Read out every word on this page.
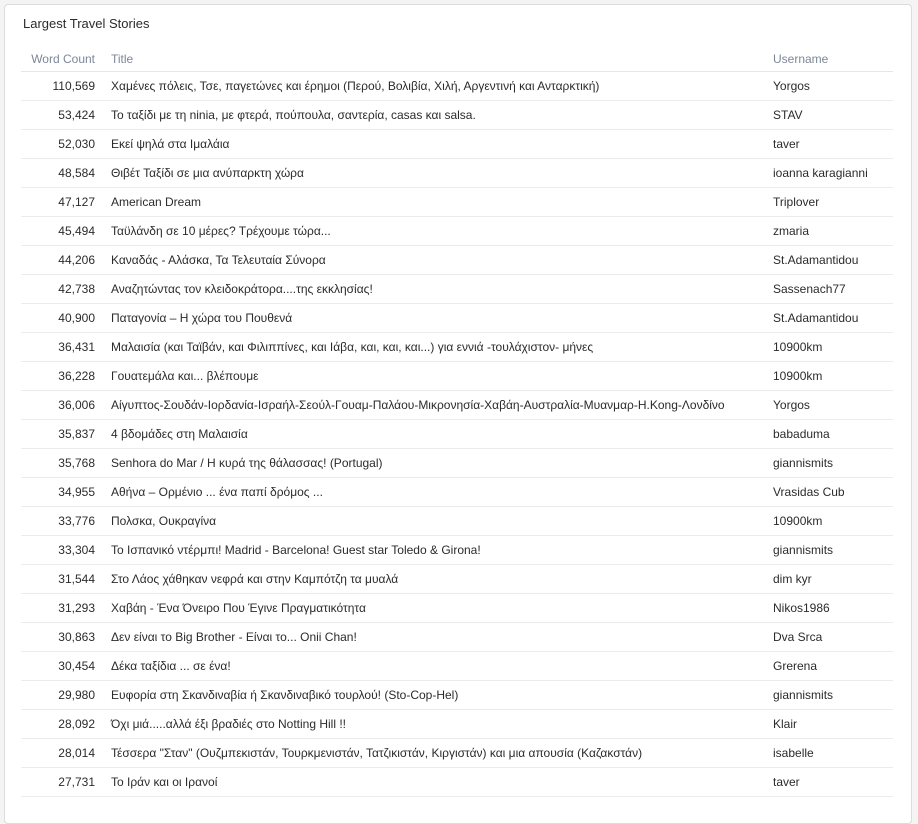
Largest Travel Stories
Word Count	Title	Username
110,569	Χαμένες πόλεις, Τσε, παγετώνες και έρημοι (Περού, Βολιβία, Χιλή, Αργεντινή και Ανταρκτική)	Yorgos
53,424	Το ταξίδι με τη ninia, με φτερά, πούπουλα, σαντερία, casas και salsa.	STAV
52,030	Εκεί ψηλά στα Ιμαλάια	taver
48,584	Θιβέτ Ταξίδι σε μια ανύπαρκτη χώρα	ioanna karagianni
47,127	American Dream	Triplover
45,494	Ταϋλάνδη σε 10 μέρες? Τρέχουμε τώρα...	zmaria
44,206	Καναδάς - Αλάσκα, Τα Τελευταία Σύνορα	St.Adamantidou
42,738	Αναζητώντας τον κλειδοκράτορα....της εκκλησίας!	Sassenach77
40,900	Παταγονία – Η χώρα του Πουθενά	St.Adamantidou
36,431	Μαλαισία (και Ταϊβάν, και Φιλιππίνες, και Ιάβα, και, και, και...) για εννιά -τουλάχιστον- μήνες	10900km
36,228	Γουατεμάλα και... βλέπουμε	10900km
36,006	Αίγυπτος-Σουδάν-Ιορδανία-Ισραήλ-Σεούλ-Γουαμ-Παλάου-Μικρονησία-Χαβάη-Αυστραλία-Μυανμαρ-Η.Kong-Λονδίνο	Yorgos
35,837	4 βδομάδες στη Μαλαισία	babaduma
35,768	Senhora do Mar / Η κυρά της θάλασσας! (Portugal)	giannismits
34,955	Αθήνα – Ορμένιο ... ένα παπί δρόμος ...	Vrasidas Cub
33,776	Πολσκα, Ουκραγίνα	10900km
33,304	Το Ισπανικό ντέρμπι! Madrid - Barcelona! Guest star Toledo & Girona!	giannismits
31,544	Στο Λάος χάθηκαν νεφρά και στην Καμπότζη τα μυαλά	dim kyr
31,293	Χαβάη - Ένα Όνειρο Που Έγινε Πραγματικότητα	Nikos1986
30,863	Δεν είναι το Big Brother - Είναι το... Onii Chan!	Dva Srca
30,454	Δέκα ταξίδια ... σε ένα!	Grerena
29,980	Ευφορία στη Σκανδιναβία ή Σκανδιναβικό τουρλού! (Sto-Cop-Hel)	giannismits
28,092	Όχι μιά.....αλλά έξι βραδιές στο Notting Hill !!	Klair
28,014	Τέσσερα "Σταν" (Ουζμπεκιστάν, Τουρκμενιστάν, Τατζικιστάν, Κιργιστάν) και μια απουσία (Καζακστάν)	isabelle
27,731	Το Ιράν και οι Ιρανοί	taver
